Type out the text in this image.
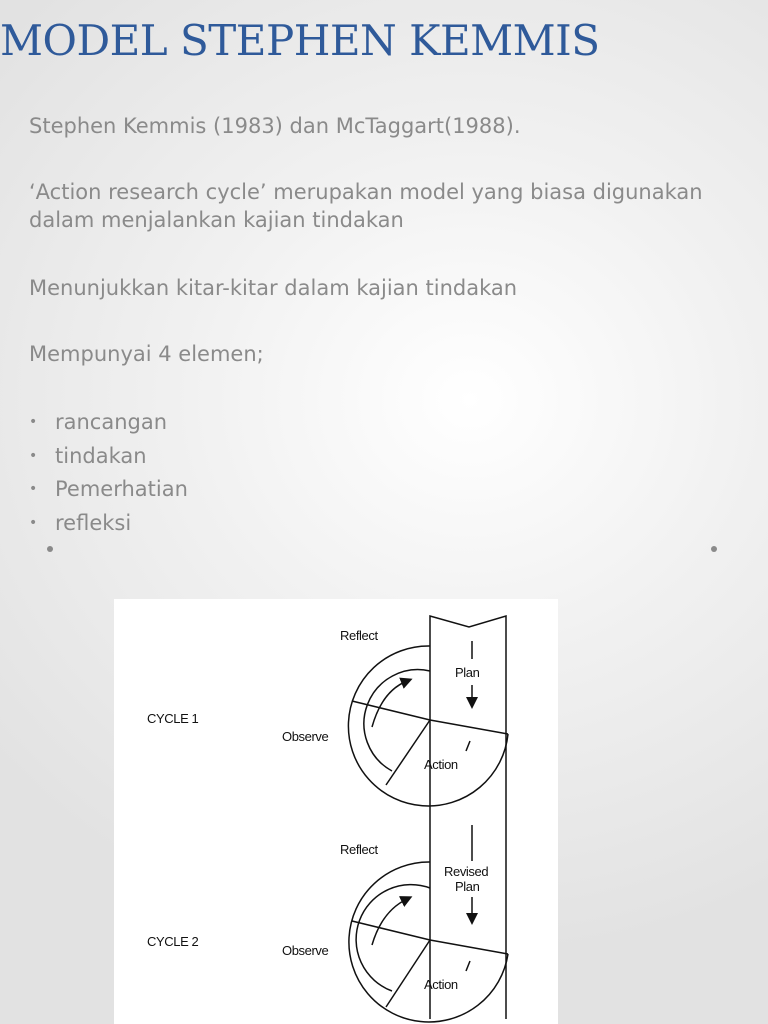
MODEL STEPHEN KEMMIS

Stephen Kemmis (1983) dan McTaggart(1988).

‘Action research cycle’ merupakan model yang biasa digunakan dalam menjalankan kajian tindakan

Menunjukkan kitar-kitar dalam kajian tindakan

Mempunyai 4 elemen;

• rancangan
• tindakan
• Pemerhatian
• refleksi
CYCLE 1
Reflect
Plan
Observe
Action
CYCLE 2
Reflect
Revised
Plan
Observe
Action
